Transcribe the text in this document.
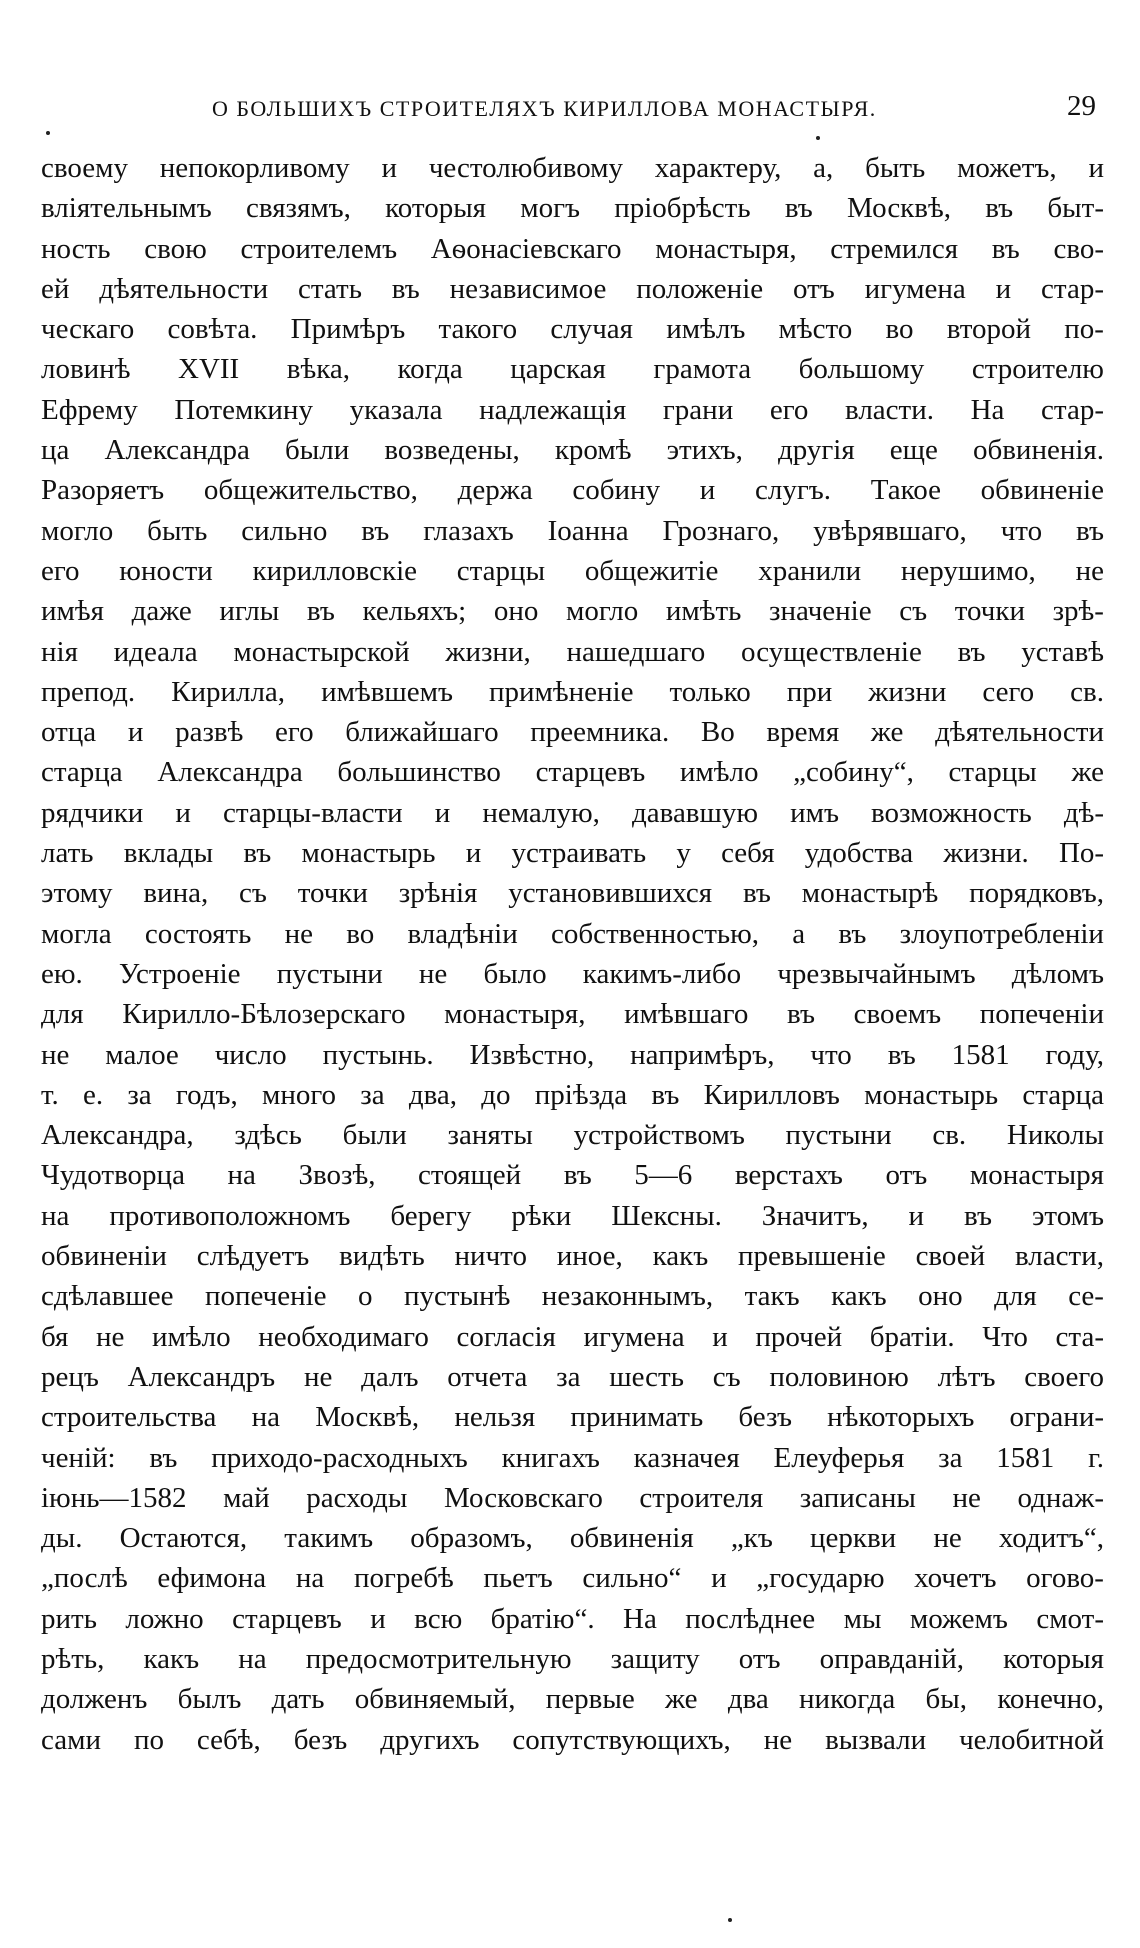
О БОЛЬШИХЪ СТРОИТЕЛЯХЪ КИРИЛЛОВА МОНАСТЫРЯ.	29
своему непокорливому и честолюбивому характеру, а, быть можетъ, и
вліятельнымъ связямъ, которыя могъ пріобрѣсть въ Москвѣ, въ быт-
ность свою строителемъ Аѳонасіевскаго монастыря, стремился въ сво-
ей дѣятельности стать въ независимое положеніе отъ игумена и стар-
ческаго совѣта. Примѣръ такого случая имѣлъ мѣсто во второй по-
ловинѣ XVII вѣка, когда царская грамота большому строителю
Ефрему Потемкину указала надлежащія грани его власти. На стар-
ца Александра были возведены, кромѣ этихъ, другія еще обвиненія.
Разоряетъ общежительство, держа собину и слугъ. Такое обвиненіе
могло быть сильно въ глазахъ Іоанна Грознаго, увѣрявшаго, что въ
его юности кирилловскіе старцы общежитіе хранили нерушимо, не
имѣя даже иглы въ кельяхъ; оно могло имѣть значеніе съ точки зрѣ-
нія идеала монастырской жизни, нашедшаго осуществленіе въ уставѣ
препод. Кирилла, имѣвшемъ примѣненіе только при жизни сего св.
отца и развѣ его ближайшаго преемника. Во время же дѣятельности
старца Александра большинство старцевъ имѣло „собину“, старцы же
рядчики и старцы-власти и немалую, дававшую имъ возможность дѣ-
лать вклады въ монастырь и устраивать у себя удобства жизни. По-
этому вина, съ точки зрѣнія установившихся въ монастырѣ порядковъ,
могла состоять не во владѣніи собственностью, а въ злоупотребленіи
ею. Устроеніе пустыни не было какимъ-либо чрезвычайнымъ дѣломъ
для Кирилло-Бѣлозерскаго монастыря, имѣвшаго въ своемъ попеченіи
не малое число пустынь. Извѣстно, напримѣръ, что въ 1581 году,
т. е. за годъ, много за два, до пріѣзда въ Кирилловъ монастырь старца
Александра, здѣсь были заняты устройствомъ пустыни св. Николы
Чудотворца на Звозѣ, стоящей въ 5—6 верстахъ отъ монастыря
на противоположномъ берегу рѣки Шексны. Значитъ, и въ этомъ
обвиненіи слѣдуетъ видѣть ничто иное, какъ превышеніе своей власти,
сдѣлавшее попеченіе о пустынѣ незаконнымъ, такъ какъ оно для се-
бя не имѣло необходимаго согласія игумена и прочей братіи. Что ста-
рецъ Александръ не далъ отчета за шесть съ половиною лѣтъ своего
строительства на Москвѣ, нельзя принимать безъ нѣкоторыхъ ограни-
ченій: въ приходо-расходныхъ книгахъ казначея Елеуферья за 1581 г.
іюнь—1582 май расходы Московскаго строителя записаны не однаж-
ды. Остаются, такимъ образомъ, обвиненія „къ церкви не ходитъ“,
„послѣ ефимона на погребѣ пьетъ сильно“ и „государю хочетъ огово-
рить ложно старцевъ и всю братію“. На послѣднее мы можемъ смот-
рѣть, какъ на предосмотрительную защиту отъ оправданій, которыя
долженъ былъ дать обвиняемый, первые же два никогда бы, конечно,
сами по себѣ, безъ другихъ сопутствующихъ, не вызвали челобитной
